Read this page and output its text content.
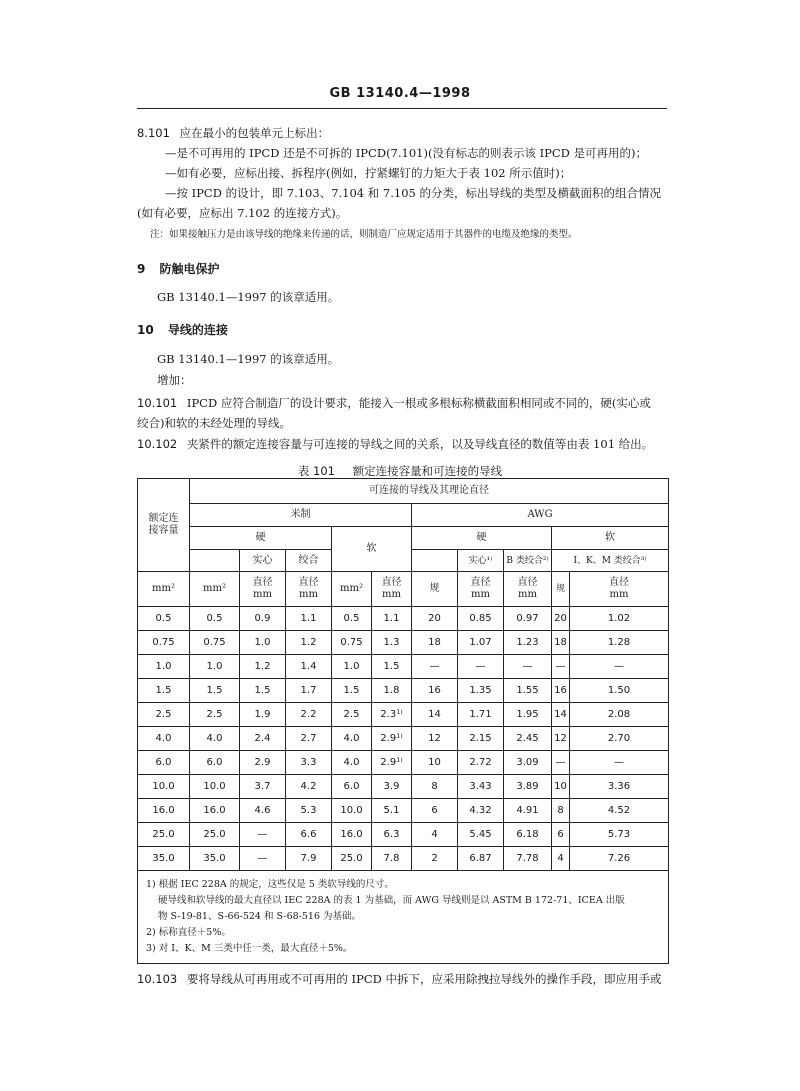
GB 13140.4—1998
8.101 应在最小的包装单元上标出：
—是不可再用的 IPCD 还是不可拆的 IPCD(7.101)(没有标志的则表示该 IPCD 是可再用的)；
—如有必要，应标出接、拆程序(例如，拧紧螺钉的力矩大于表 102 所示值时)；
—按 IPCD 的设计，即 7.103、7.104 和 7.105 的分类，标出导线的类型及横截面积的组合情况
(如有必要，应标出 7.102 的连接方式)。
注：如果接触压力是由该导线的绝缘来传递的话，则制造厂应规定适用于其器件的电缆及绝缘的类型。
9 防触电保护
GB 13140.1—1997 的该章适用。
10 导线的连接
GB 13140.1—1997 的该章适用。
增加：
10.101 IPCD 应符合制造厂的设计要求，能接入一根或多根标称横截面积相同或不同的，硬(实心或
绞合)和软的未经处理的导线。
10.102 夹紧件的额定连接容量与可连接的导线之间的关系，以及导线直径的数值等由表 101 给出。
表 101 额定连接容量和可连接的导线
额定连接容量	可连接的导线及其理论直径									
	米制					AWG				
	硬			软		硬			软	
		实心	绞合				实心¹⁾	B 类绞合²⁾	I、K、M 类绞合³⁾	
mm²	mm²	直径 mm	直径 mm	mm²	直径 mm	规	直径 mm	直径 mm	规	直径 mm
0.5	0.5	0.9	1.1	0.5	1.1	20	0.85	0.97	20	1.02
0.75	0.75	1.0	1.2	0.75	1.3	18	1.07	1.23	18	1.28
1.0	1.0	1.2	1.4	1.0	1.5	—	—	—	—	—
1.5	1.5	1.5	1.7	1.5	1.8	16	1.35	1.55	16	1.50
2.5	2.5	1.9	2.2	2.5	2.3¹⁾	14	1.71	1.95	14	2.08
4.0	4.0	2.4	2.7	4.0	2.9¹⁾	12	2.15	2.45	12	2.70
6.0	6.0	2.9	3.3	4.0	2.9¹⁾	10	2.72	3.09	—	—
10.0	10.0	3.7	4.2	6.0	3.9	8	3.43	3.89	10	3.36
16.0	16.0	4.6	5.3	10.0	5.1	6	4.32	4.91	8	4.52
25.0	25.0	—	6.6	16.0	6.3	4	5.45	6.18	6	5.73
35.0	35.0	—	7.9	25.0	7.8	2	6.87	7.78	4	7.26

1) 根据 IEC 228A 的规定，这些仅是 5 类软导线的尺寸。
硬导线和软导线的最大直径以 IEC 228A 的表 1 为基础，而 AWG 导线则是以 ASTM B 172-71、ICEA 出版
物 S-19-81、S-66-524 和 S-68-516 为基础。
2) 标称直径＋5%。
3) 对 I、K、M 三类中任一类，最大直径＋5%。										
10.103 要将导线从可再用或不可再用的 IPCD 中拆下，应采用除拽拉导线外的操作手段，即应用手或
